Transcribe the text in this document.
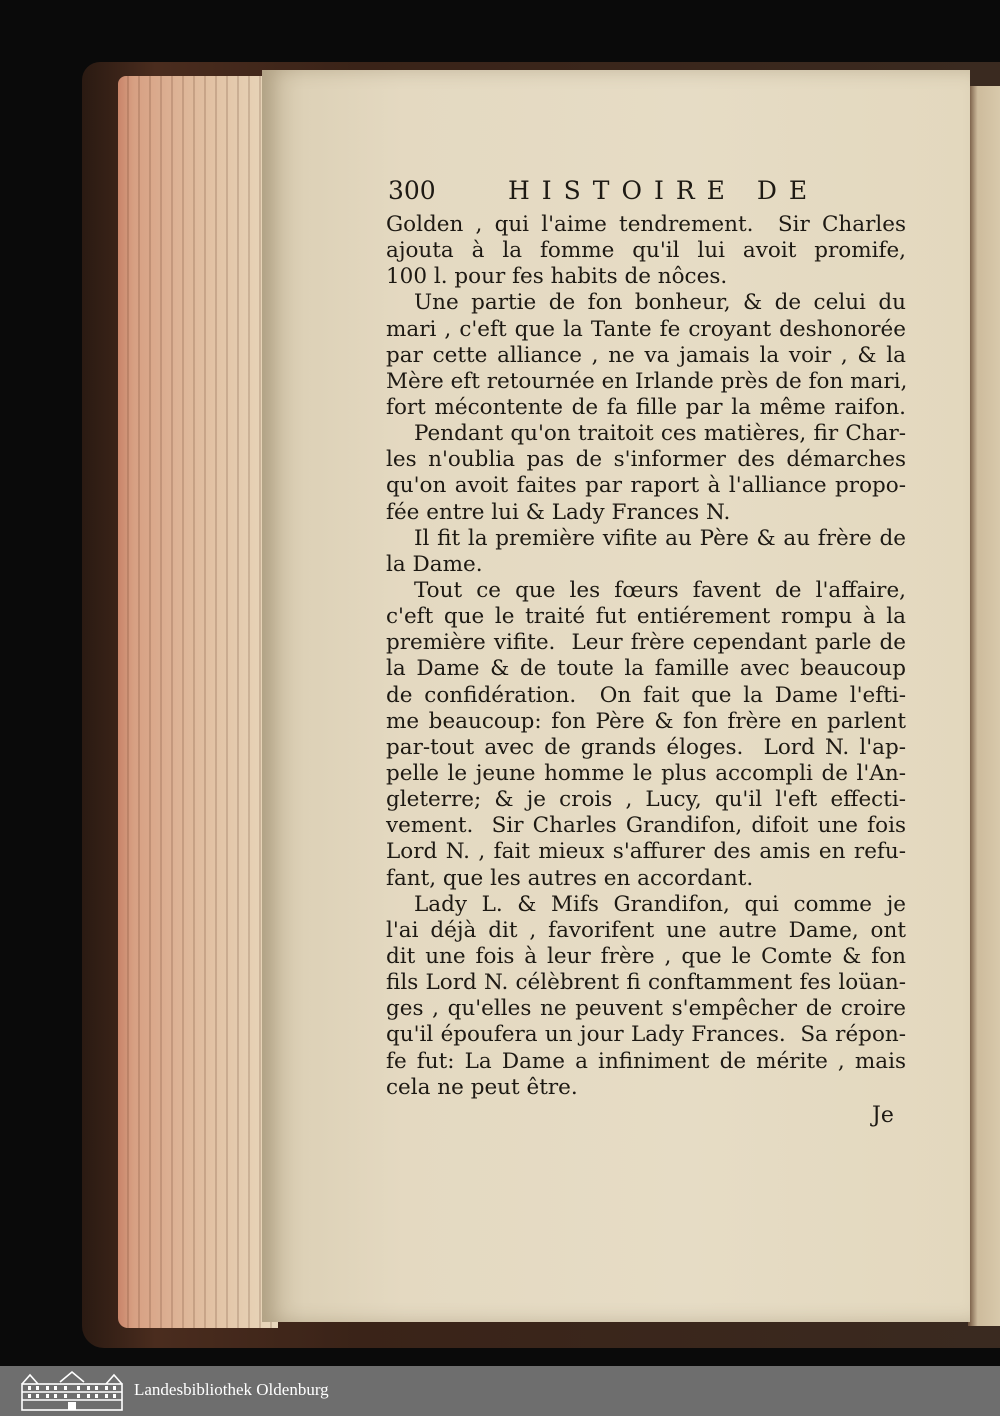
300	HISTOIRE DE
Golden , qui l'aime tendrement.  Sir Charles
ajouta à la fomme qu'il lui avoit promife,
100 l. pour fes habits de nôces.
Une partie de fon bonheur, & de celui du
mari , c'eft que la Tante fe croyant deshonorée
par cette alliance , ne va jamais la voir , & la
Mère eft retournée en Irlande près de fon mari,
fort mécontente de fa fille par la même raifon.
Pendant qu'on traitoit ces matières, fir Char-
les n'oublia pas de s'informer des démarches
qu'on avoit faites par raport à l'alliance propo-
fée entre lui & Lady Frances N.
Il fit la première vifite au Père & au frère de
la Dame.
Tout ce que les fœurs favent de l'affaire,
c'eft que le traité fut entiérement rompu à la
première vifite.  Leur frère cependant parle de
la Dame & de toute la famille avec beaucoup
de confidération.  On fait que la Dame l'efti-
me beaucoup: fon Père & fon frère en parlent
par-tout avec de grands éloges.  Lord N. l'ap-
pelle le jeune homme le plus accompli de l'An-
gleterre; & je crois , Lucy, qu'il l'eft effecti-
vement.  Sir Charles Grandifon, difoit une fois
Lord N. , fait mieux s'affurer des amis en refu-
fant, que les autres en accordant.
Lady L. & Mifs Grandifon, qui comme je
l'ai déjà dit , favorifent une autre Dame, ont
dit une fois à leur frère , que le Comte & fon
fils Lord N. célèbrent fi conftamment fes loüan-
ges , qu'elles ne peuvent s'empêcher de croire
qu'il époufera un jour Lady Frances.  Sa répon-
fe fut: La Dame a infiniment de mérite , mais
cela ne peut être.
Je
Landesbibliothek Oldenburg
